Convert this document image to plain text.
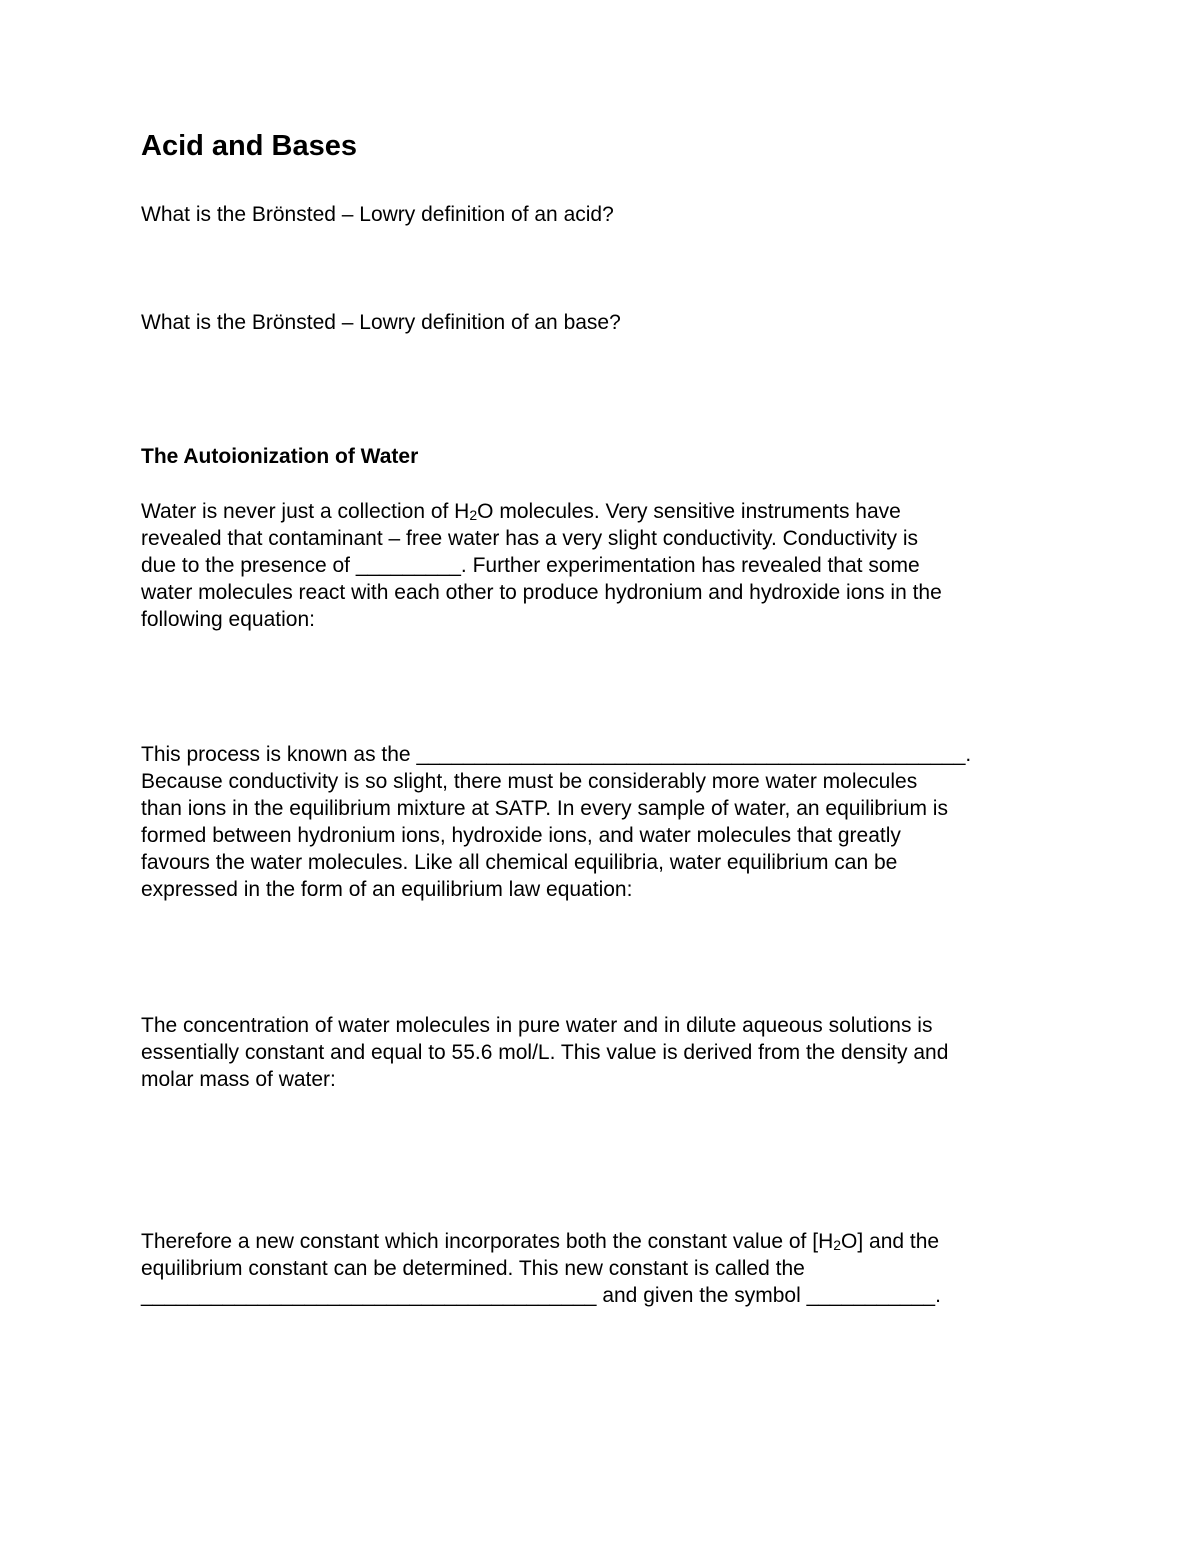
Acid and Bases

What is the Brönsted – Lowry definition of an acid?

What is the Brönsted – Lowry definition of an base?

The Autoionization of Water
Water is never just a collection of $H_2O$ molecules. Very sensitive instruments have
revealed that contaminant – free water has a very slight conductivity. Conductivity is
due to the presence of _________. Further experimentation has revealed that some
water molecules react with each other to produce hydronium and hydroxide ions in the
following equation:
This process is known as the _______________________________________________.
Because conductivity is so slight, there must be considerably more water molecules
than ions in the equilibrium mixture at SATP. In every sample of water, an equilibrium is
formed between hydronium ions, hydroxide ions, and water molecules that greatly
favours the water molecules. Like all chemical equilibria, water equilibrium can be
expressed in the form of an equilibrium law equation:
The concentration of water molecules in pure water and in dilute aqueous solutions is
essentially constant and equal to 55.6 mol/L. This value is derived from the density and
molar mass of water:
Therefore a new constant which incorporates both the constant value of $[H_2O]$ and the
equilibrium constant can be determined. This new constant is called the
_______________________________________ and given the symbol ___________.
